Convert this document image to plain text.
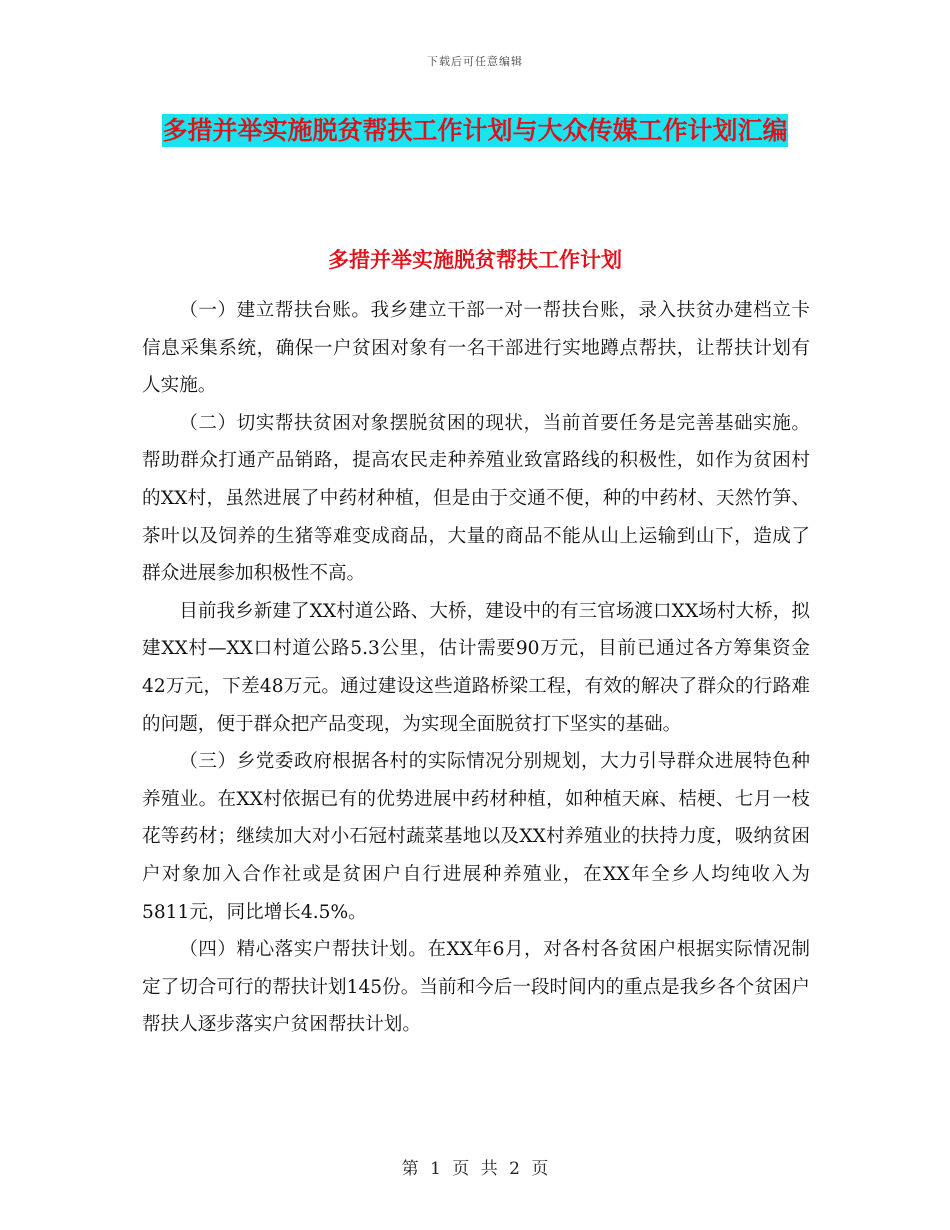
下载后可任意编辑
多措并举实施脱贫帮扶工作计划与大众传媒工作计划汇编
多措并举实施脱贫帮扶工作计划

（一）建立帮扶台账。我乡建立干部一对一帮扶台账，录入扶贫办建档立卡信息采集系统，确保一户贫困对象有一名干部进行实地蹲点帮扶，让帮扶计划有人实施。

（二）切实帮扶贫困对象摆脱贫困的现状，当前首要任务是完善基础实施。帮助群众打通产品销路，提高农民走种养殖业致富路线的积极性，如作为贫困村的XX村，虽然进展了中药材种植，但是由于交通不便，种的中药材、天然竹笋、茶叶以及饲养的生猪等难变成商品，大量的商品不能从山上运输到山下，造成了群众进展参加积极性不高。

目前我乡新建了XX村道公路、大桥，建设中的有三官场渡口XX场村大桥，拟建XX村—XX口村道公路5.3公里，估计需要90万元，目前已通过各方筹集资金42万元，下差48万元。通过建设这些道路桥梁工程，有效的解决了群众的行路难的问题，便于群众把产品变现，为实现全面脱贫打下坚实的基础。

（三）乡党委政府根据各村的实际情况分别规划，大力引导群众进展特色种养殖业。在XX村依据已有的优势进展中药材种植，如种植天麻、桔梗、七月一枝花等药材；继续加大对小石冠村蔬菜基地以及XX村养殖业的扶持力度，吸纳贫困户对象加入合作社或是贫困户自行进展种养殖业，在XX年全乡人均纯收入为5811元，同比增长4.5%。

（四）精心落实户帮扶计划。在XX年6月，对各村各贫困户根据实际情况制定了切合可行的帮扶计划145份。当前和今后一段时间内的重点是我乡各个贫困户帮扶人逐步落实户贫困帮扶计划。

第 1 页 共 2 页
